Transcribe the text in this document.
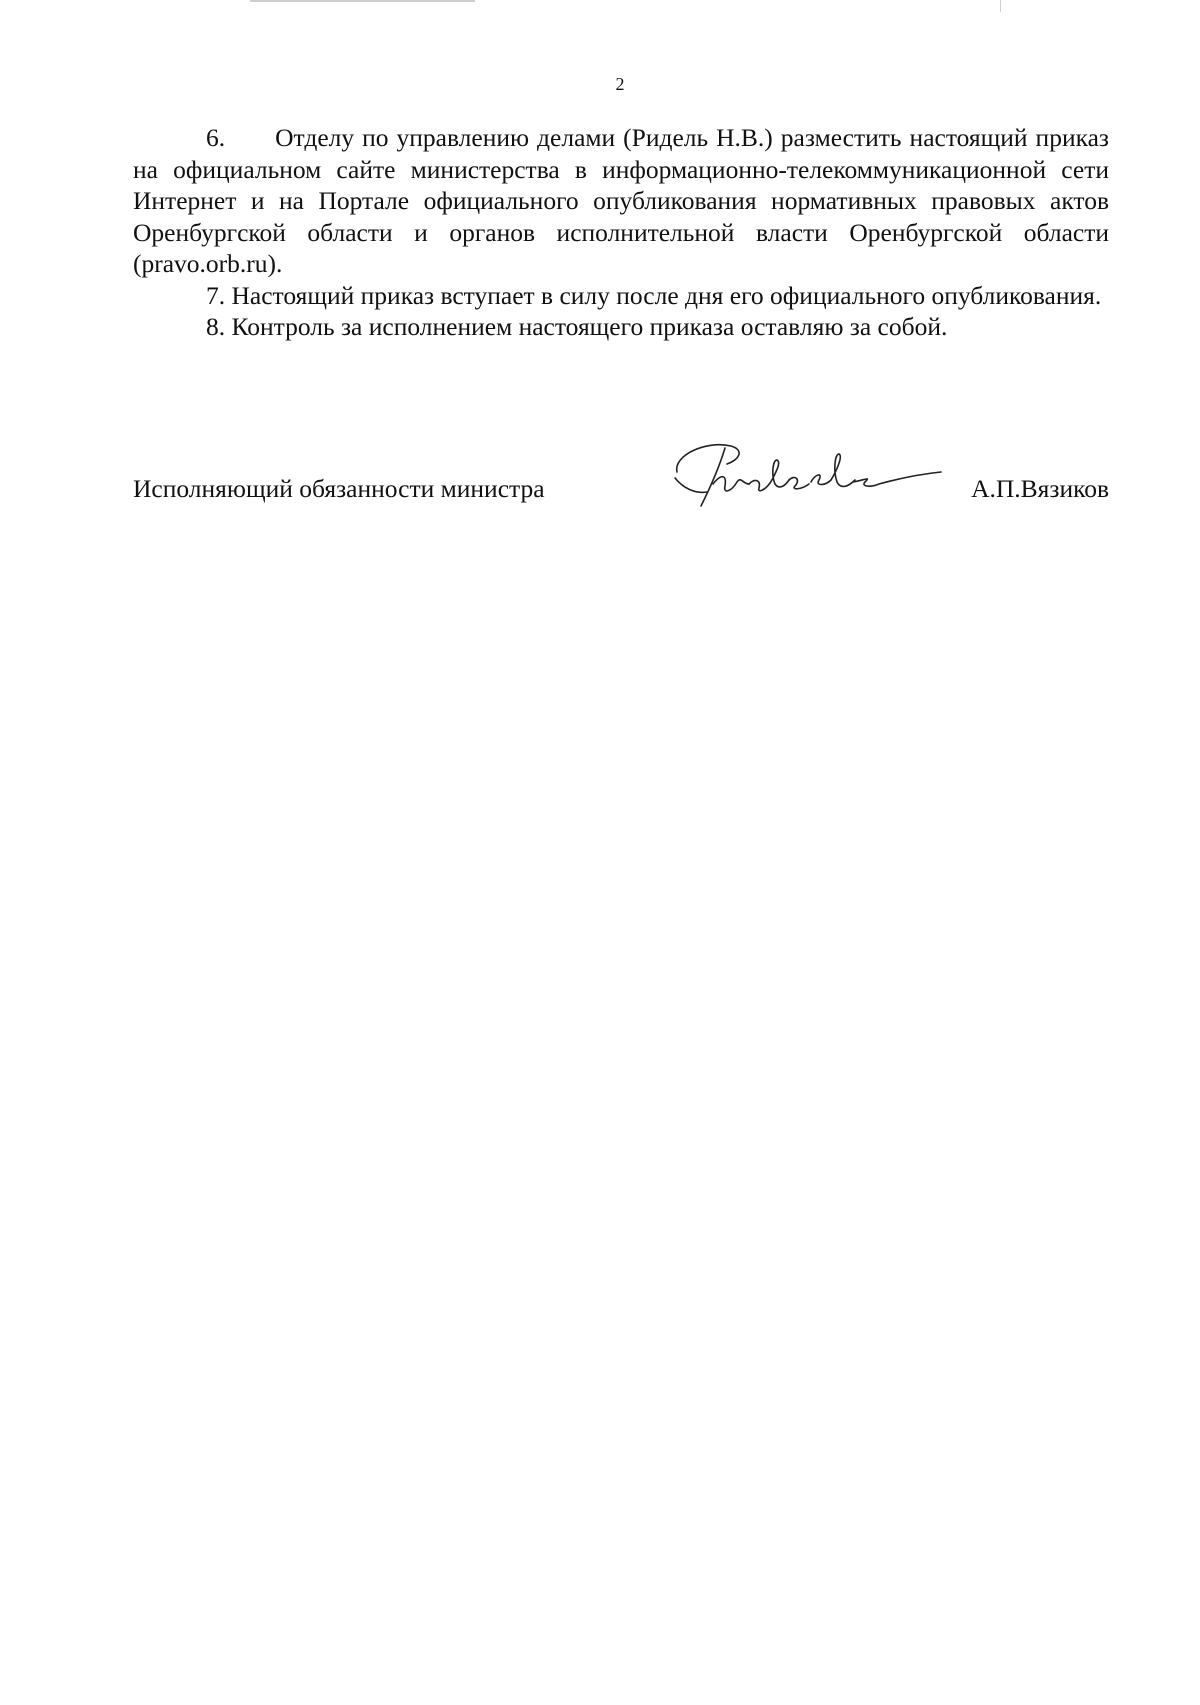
2

6. Отделу по управлению делами (Ридель Н.В.) разместить настоящий приказ на официальном сайте министерства в информационно-телекоммуникационной сети Интернет и на Портале официального опубликования нормативных правовых актов Оренбургской области и органов исполнительной власти Оренбургской области (pravo.orb.ru).

7. Настоящий приказ вступает в силу после дня его официального опубликования.

8. Контроль за исполнением настоящего приказа оставляю за собой.

Исполняющий обязанности министра	А.П.Вязиков
